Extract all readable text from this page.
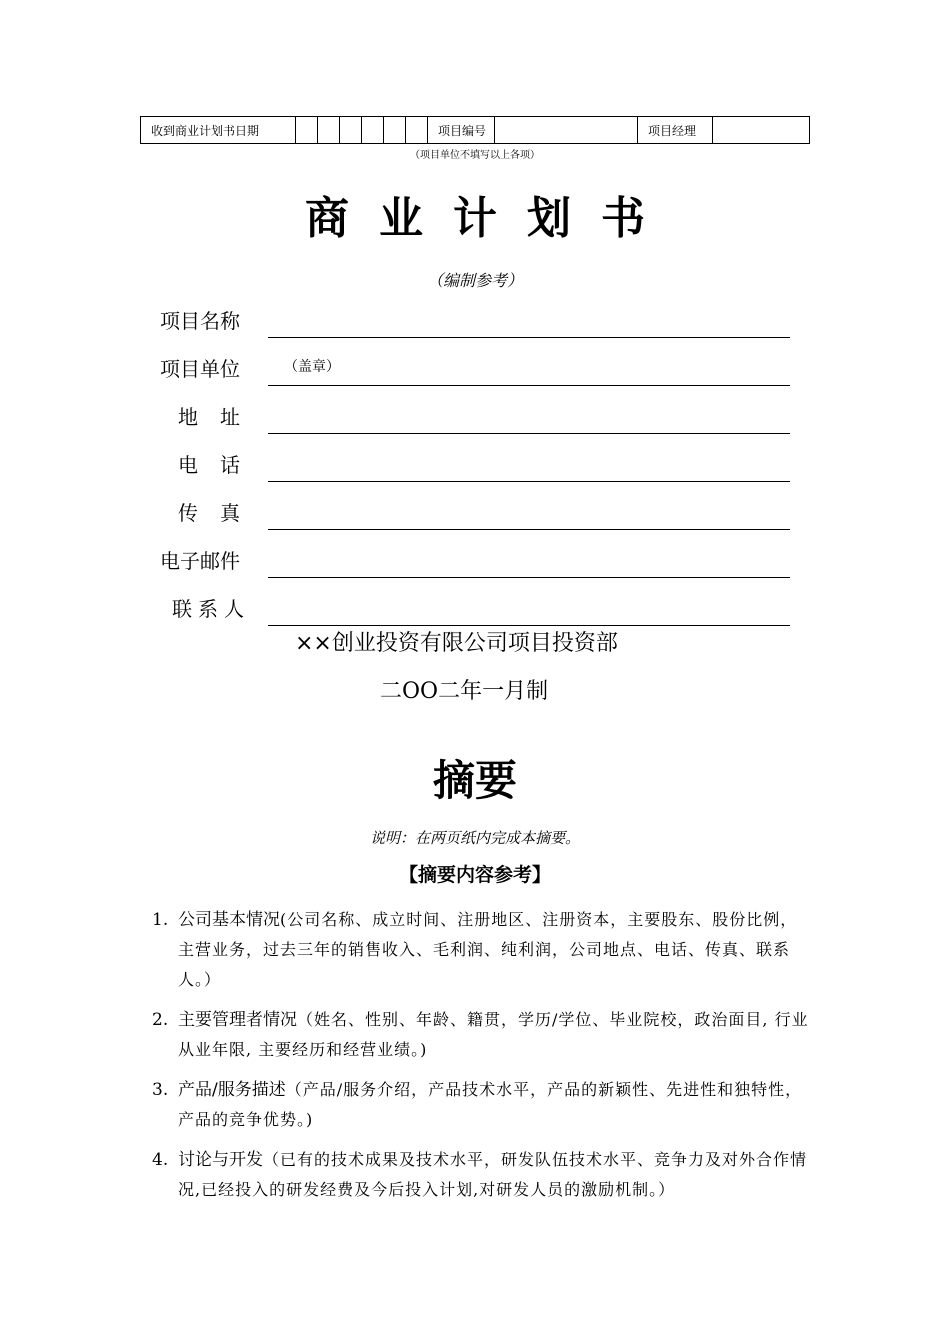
收到商业计划书日期	项目编号	项目经理
（项目单位不填写以上各项）
商业计划书
（编制参考）
项目名称
项目单位	（盖章）
地址
电话
传真
电子邮件
联系人
××创业投资有限公司项目投资部
二OO二年一月制
摘要
说明：在两页纸内完成本摘要。
【摘要内容参考】
1. 公司基本情况(公司名称、成立时间、注册地区、注册资本，主要股东、股份比例，主营业务，过去三年的销售收入、毛利润、纯利润，公司地点、电话、传真、联系人。）
2. 主要管理者情况（姓名、性别、年龄、籍贯，学历/学位、毕业院校，政治面目, 行业从业年限, 主要经历和经营业绩。)
3. 产品/服务描述（产品/服务介绍，产品技术水平，产品的新颖性、先进性和独特性，产品的竞争优势。)
4. 讨论与开发（已有的技术成果及技术水平，研发队伍技术水平、竞争力及对外合作情况,已经投入的研发经费及今后投入计划,对研发人员的激励机制。）
